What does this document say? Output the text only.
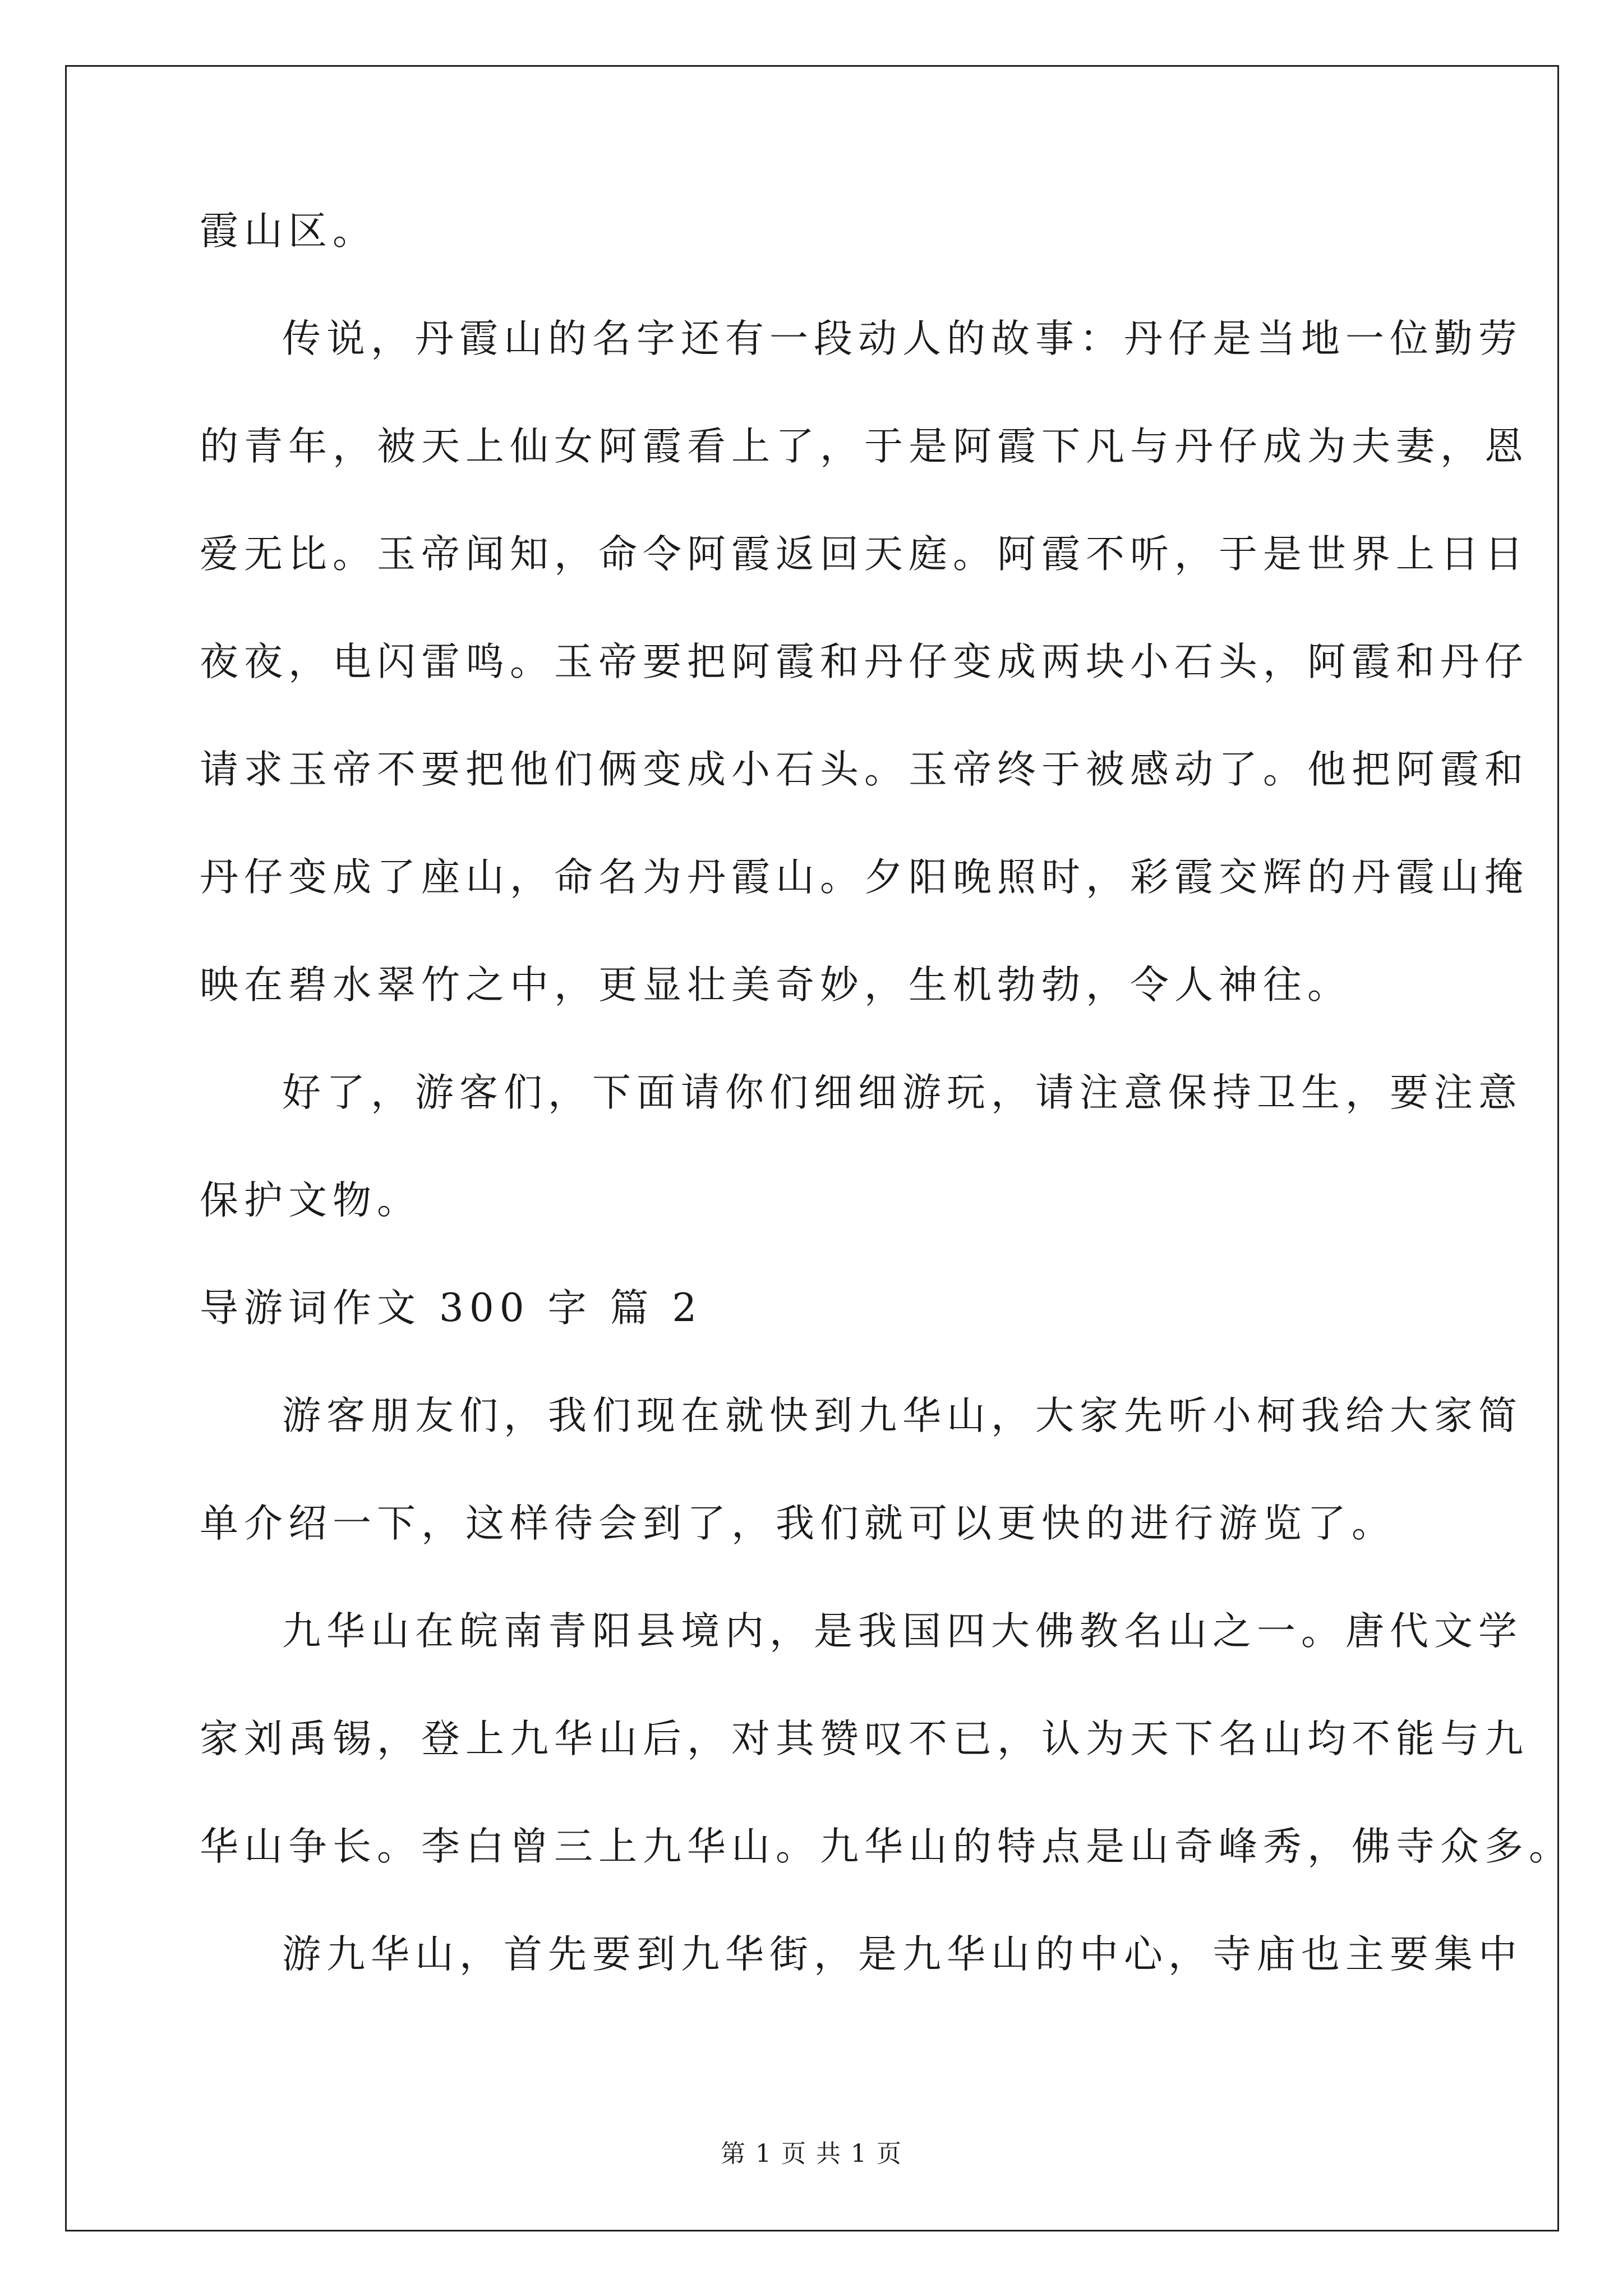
霞山区。
传说，丹霞山的名字还有一段动人的故事：丹仔是当地一位勤劳
的青年，被天上仙女阿霞看上了，于是阿霞下凡与丹仔成为夫妻，恩
爱无比。玉帝闻知，命令阿霞返回天庭。阿霞不听，于是世界上日日
夜夜，电闪雷鸣。玉帝要把阿霞和丹仔变成两块小石头，阿霞和丹仔
请求玉帝不要把他们俩变成小石头。玉帝终于被感动了。他把阿霞和
丹仔变成了座山，命名为丹霞山。夕阳晚照时，彩霞交辉的丹霞山掩
映在碧水翠竹之中，更显壮美奇妙，生机勃勃，令人神往。
好了，游客们，下面请你们细细游玩，请注意保持卫生，要注意
保护文物。
导游词作文 300 字 篇 2
游客朋友们，我们现在就快到九华山，大家先听小柯我给大家简
单介绍一下，这样待会到了，我们就可以更快的进行游览了。
九华山在皖南青阳县境内，是我国四大佛教名山之一。唐代文学
家刘禹锡，登上九华山后，对其赞叹不已，认为天下名山均不能与九
华山争长。李白曾三上九华山。九华山的特点是山奇峰秀，佛寺众多。
游九华山，首先要到九华街，是九华山的中心，寺庙也主要集中
第 1 页 共 1 页
